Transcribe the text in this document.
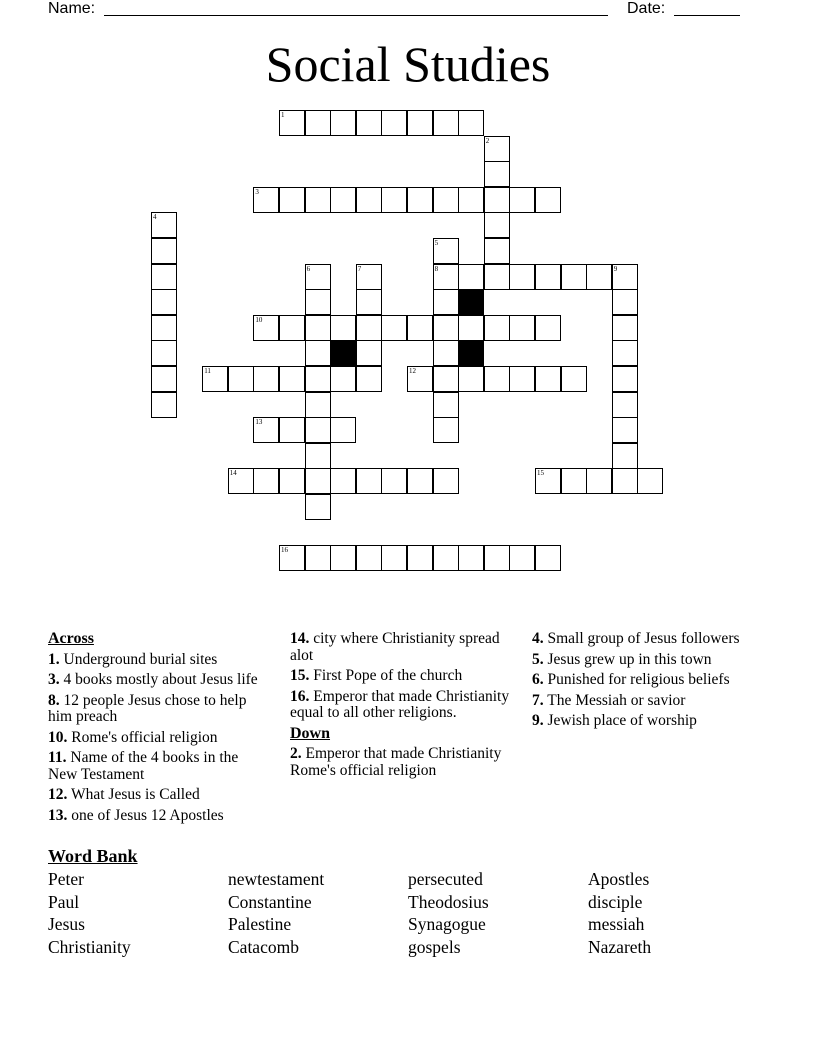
Name:	Date:
Social Studies
1
3
8	9
10
11	12
13
14	15
16
2
4
5
6	7
Across
1. Underground burial sites
3. 4 books mostly about Jesus life
8. 12 people Jesus chose to help him preach
10. Rome's official religion
11. Name of the 4 books in the New Testament
12. What Jesus is Called
13. one of Jesus 12 Apostles
14. city where Christianity spread alot
15. First Pope of the church
16. Emperor that made Christianity equal to all other religions.
Down
2. Emperor that made Christianity Rome's official religion
4. Small group of Jesus followers
5. Jesus grew up in this town
6. Punished for religious beliefs
7. The Messiah or savior
9. Jewish place of worship
Word Bank
Peter	newtestament	persecuted	Apostles
Paul	Constantine	Theodosius	disciple
Jesus	Palestine	Synagogue	messiah
Christianity	Catacomb	gospels	Nazareth
